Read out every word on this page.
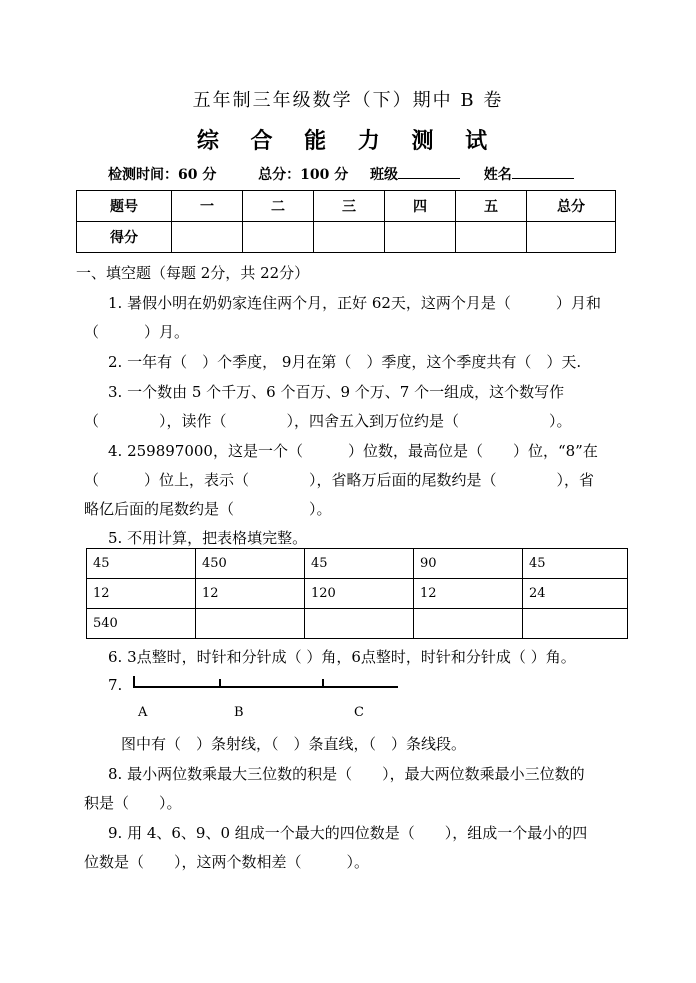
五年制三年级数学（下）期中 B 卷
综 合 能 力 测 试
检测时间：60 分	总分：100 分 班级	姓名
题号	一	二	三	四	五	总分
得分						
一、填空题（每题 2分，共 22分）
1. 暑假小明在奶奶家连住两个月，正好 62天，这两个月是（　　　）月和
（　　　）月。
2. 一年有（　）个季度， 9月在第（　）季度，这个季度共有（　）天.
3. 一个数由 5 个千万、6 个百万、9 个万、7 个一组成，这个数写作
（　　　　），读作（　　　　），四舍五入到万位约是（　　　　　　）。
4. 259897000，这是一个（　　　）位数，最高位是（　　）位，“8”在
（　　　）位上，表示（　　　　），省略万后面的尾数约是（　　　　），省
略亿后面的尾数约是（　　　　　）。
5. 不用计算，把表格填完整。
45	450	45	90	45
12	12	120	12	24
540				
6. 3点整时，时针和分针成（ ）角，6点整时，时针和分针成（ ）角。
7.
A	B	C
图中有（　）条射线，（　）条直线，（　）条线段。
8. 最小两位数乘最大三位数的积是（　　），最大两位数乘最小三位数的
积是（　　）。
9. 用 4、6、9、0 组成一个最大的四位数是（　　），组成一个最小的四
位数是（　　），这两个数相差（　　　）。
